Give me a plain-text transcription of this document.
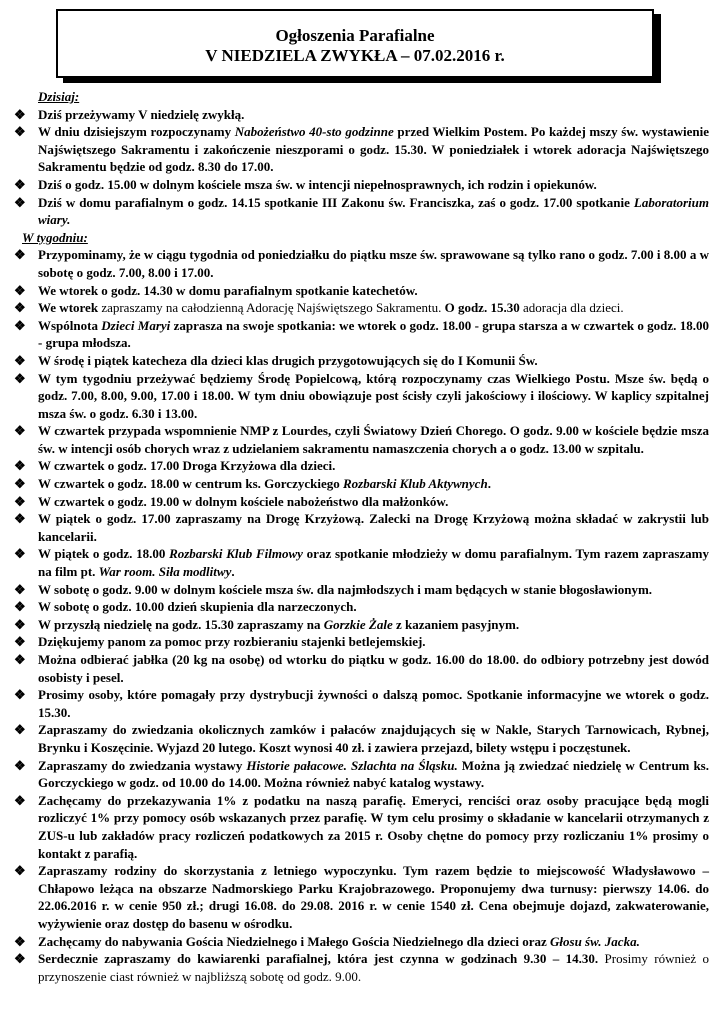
Ogłoszenia Parafialne
V NIEDZIELA ZWYKŁA – 07.02.2016 r.
Dzisiaj:
❖ Dziś przeżywamy V niedzielę zwykłą.
❖ W dniu dzisiejszym rozpoczynamy Nabożeństwo 40-sto godzinne przed Wielkim Postem. Po każdej mszy św. wystawienie Najświętszego Sakramentu i zakończenie nieszporami o godz. 15.30. W poniedziałek i wtorek adoracja Najświętszego Sakramentu będzie od godz. 8.30 do 17.00.
❖ Dziś o godz. 15.00 w dolnym kościele msza św. w intencji niepełnosprawnych, ich rodzin i opiekunów.
❖ Dziś w domu parafialnym o godz. 14.15 spotkanie III Zakonu św. Franciszka, zaś o godz. 17.00 spotkanie Laboratorium wiary.
W tygodniu:
❖ Przypominamy, że w ciągu tygodnia od poniedziałku do piątku msze św. sprawowane są tylko rano o godz. 7.00 i 8.00 a w sobotę o godz. 7.00, 8.00 i 17.00.
❖ We wtorek o godz. 14.30 w domu parafialnym spotkanie katechetów.
❖ We wtorek zapraszamy na całodzienną Adorację Najświętszego Sakramentu. O godz. 15.30 adoracja dla dzieci.
❖ Wspólnota Dzieci Maryi zaprasza na swoje spotkania: we wtorek o godz. 18.00 - grupa starsza a w czwartek o godz. 18.00 - grupa młodsza.
❖ W środę i piątek katecheza dla dzieci klas drugich przygotowujących się do I Komunii Św.
❖ W tym tygodniu przeżywać będziemy Środę Popielcową, którą rozpoczynamy czas Wielkiego Postu. Msze św. będą o godz. 7.00, 8.00, 9.00, 17.00 i 18.00. W tym dniu obowiązuje post ścisły czyli jakościowy i ilościowy. W kaplicy szpitalnej msza św. o godz. 6.30 i 13.00.
❖ W czwartek przypada wspomnienie NMP z Lourdes, czyli Światowy Dzień Chorego. O godz. 9.00 w kościele będzie msza św. w intencji osób chorych wraz z udzielaniem sakramentu namaszczenia chorych a o godz. 13.00 w szpitalu.
❖ W czwartek o godz. 17.00 Droga Krzyżowa dla dzieci.
❖ W czwartek o godz. 18.00 w centrum ks. Gorczyckiego Rozbarski Klub Aktywnych.
❖ W czwartek o godz. 19.00 w dolnym kościele nabożeństwo dla małżonków.
❖ W piątek o godz. 17.00 zapraszamy na Drogę Krzyżową. Zalecki na Drogę Krzyżową można składać w zakrystii lub kancelarii.
❖ W piątek o godz. 18.00 Rozbarski Klub Filmowy oraz spotkanie młodzieży w domu parafialnym. Tym razem zapraszamy na film pt. War room. Siła modlitwy.
❖ W sobotę o godz. 9.00 w dolnym kościele msza św. dla najmłodszych i mam będących w stanie błogosławionym.
❖ W sobotę o godz. 10.00 dzień skupienia dla narzeczonych.
❖ W przyszłą niedzielę na godz. 15.30 zapraszamy na Gorzkie Żale z kazaniem pasyjnym.
❖ Dziękujemy panom za pomoc przy rozbieraniu stajenki betlejemskiej.
❖ Można odbierać jabłka (20 kg na osobę) od wtorku do piątku w godz. 16.00 do 18.00. do odbiory potrzebny jest dowód osobisty i pesel.
❖ Prosimy osoby, które pomagały przy dystrybucji żywności o dalszą pomoc. Spotkanie informacyjne we wtorek o godz. 15.30.
❖ Zapraszamy do zwiedzania okolicznych zamków i pałaców znajdujących się w Nakle, Starych Tarnowicach, Rybnej, Brynku i Koszęcinie. Wyjazd 20 lutego. Koszt wynosi 40 zł. i zawiera przejazd, bilety wstępu i poczęstunek.
❖ Zapraszamy do zwiedzania wystawy Historie pałacowe. Szlachta na Śląsku. Można ją zwiedzać niedzielę w Centrum ks. Gorczyckiego w godz. od 10.00 do 14.00. Można również nabyć katalog wystawy.
❖ Zachęcamy do przekazywania 1% z podatku na naszą parafię. Emeryci, renciści oraz osoby pracujące będą mogli rozliczyć 1% przy pomocy osób wskazanych przez parafię. W tym celu prosimy o składanie w kancelarii otrzymanych z ZUS-u lub zakładów pracy rozliczeń podatkowych za 2015 r. Osoby chętne do pomocy przy rozliczaniu 1% prosimy o kontakt z parafią.
❖ Zapraszamy rodziny do skorzystania z letniego wypoczynku. Tym razem będzie to miejscowość Władysławowo – Chłapowo leżąca na obszarze Nadmorskiego Parku Krajobrazowego. Proponujemy dwa turnusy: pierwszy 14.06. do 22.06.2016 r. w cenie 950 zł.; drugi 16.08. do 29.08. 2016 r. w cenie 1540 zł. Cena obejmuje dojazd, zakwaterowanie, wyżywienie oraz dostęp do basenu w ośrodku.
❖ Zachęcamy do nabywania Gościa Niedzielnego i Małego Gościa Niedzielnego dla dzieci oraz Głosu św. Jacka.
❖ Serdecznie zapraszamy do kawiarenki parafialnej, która jest czynna w godzinach 9.30 – 14.30. Prosimy również o przynoszenie ciast również w najbliższą sobotę od godz. 9.00.
